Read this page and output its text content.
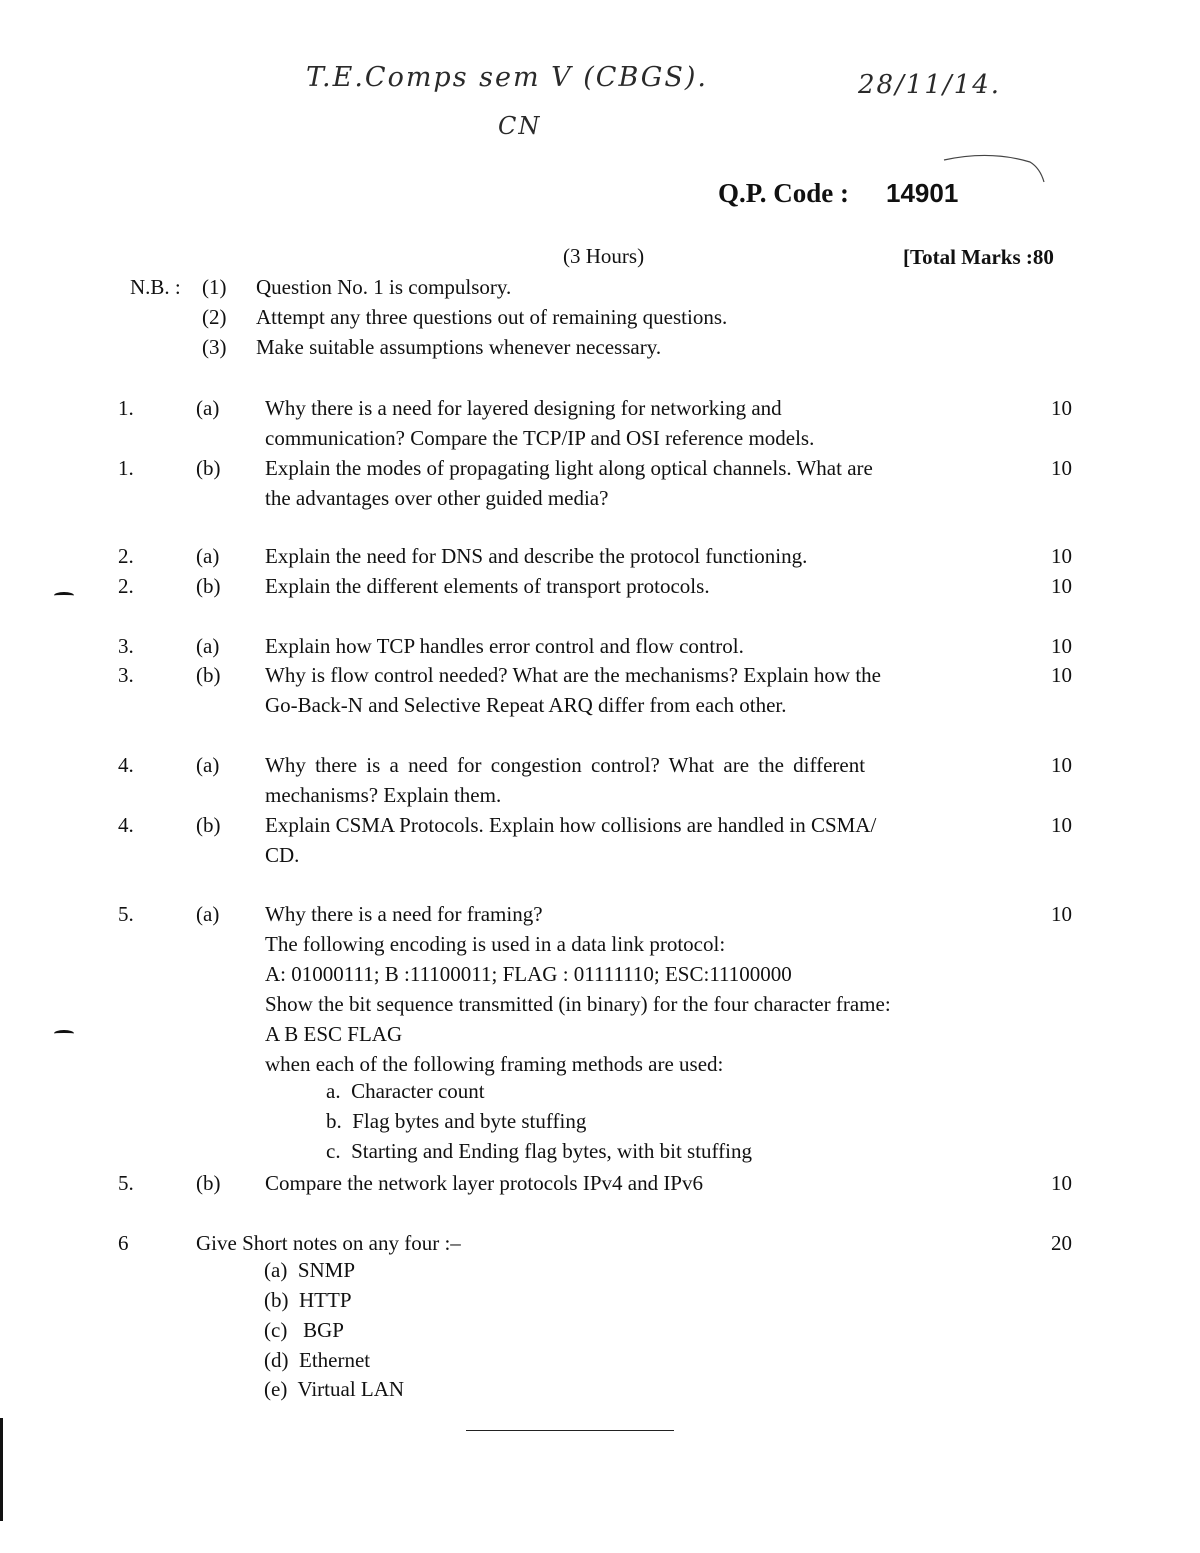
T.E.Comps sem V (CBGS).
CN
28/11/14.
Q.P. Code : 14901
(3 Hours)	[Total Marks :80
N.B. : (1) Question No. 1 is compulsory.
(2) Attempt any three questions out of remaining questions.
(3) Make suitable assumptions whenever necessary.
1.	(a) Why there is a need for layered designing for networking and
communication? Compare the TCP/IP and OSI reference models.
10
1.	(b) Explain the modes of propagating light along optical channels. What are
the advantages over other guided media?
10
2.	(a) Explain the need for DNS and describe the protocol functioning.	10
2.	(b) Explain the different elements of transport protocols.	10
3.	(a) Explain how TCP handles error control and flow control.	10
3.	(b) Why is flow control needed? What are the mechanisms? Explain how the
Go-Back-N and Selective Repeat ARQ differ from each other.
10
4.	(a) Why there is a need for congestion control? What are the different
mechanisms? Explain them.
10
4.	(b) Explain CSMA Protocols. Explain how collisions are handled in CSMA/
CD.
10
5.	(a) Why there is a need for framing?
The following encoding is used in a data link protocol:
A: 01000111; B :11100011; FLAG : 01111110; ESC:11100000
Show the bit sequence transmitted (in binary) for the four character frame:
A B ESC FLAG
when each of the following framing methods are used:
10
a. Character count
b. Flag bytes and byte stuffing
c. Starting and Ending flag bytes, with bit stuffing
5.	(b) Compare the network layer protocols IPv4 and IPv6	10
6	Give Short notes on any four :–	20
(a) SNMP
(b) HTTP
(c) BGP
(d) Ethernet
(e) Virtual LAN
